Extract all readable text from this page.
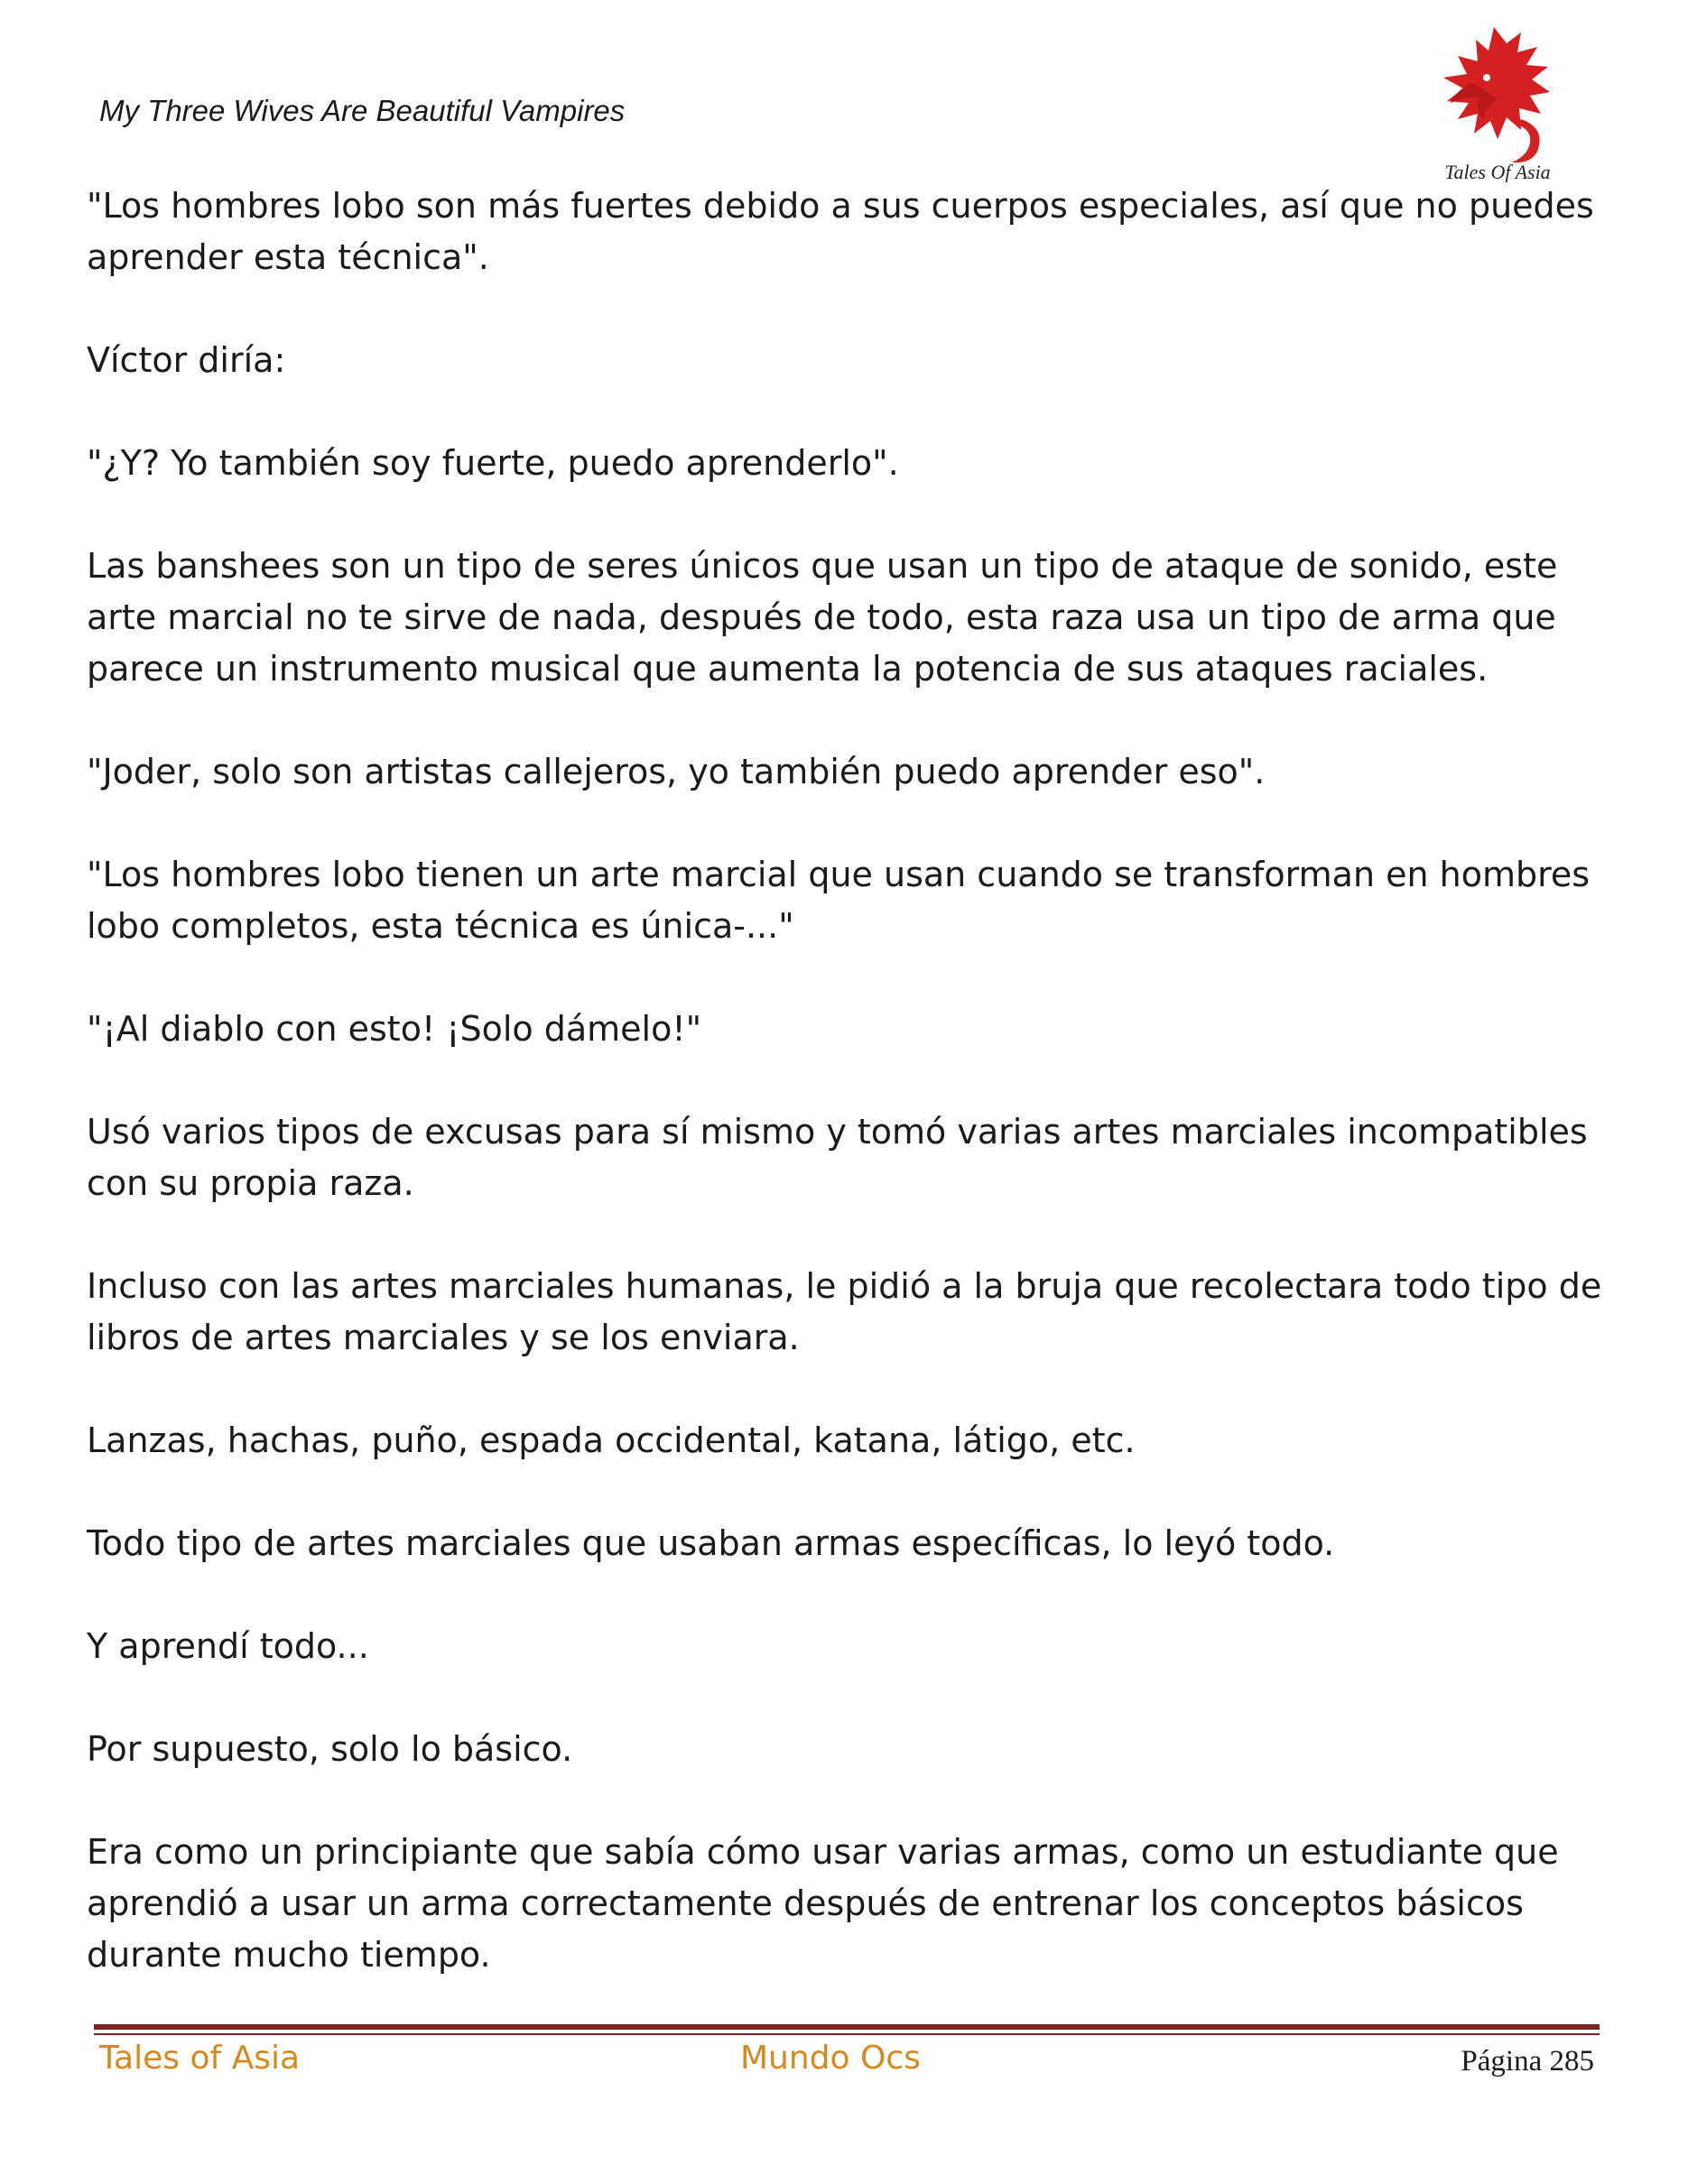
My Three Wives Are Beautiful Vampires
Tales Of Asia

"Los hombres lobo son más fuertes debido a sus cuerpos especiales, así que no puedes aprender esta técnica".

Víctor diría:

"¿Y? Yo también soy fuerte, puedo aprenderlo".

Las banshees son un tipo de seres únicos que usan un tipo de ataque de sonido, este arte marcial no te sirve de nada, después de todo, esta raza usa un tipo de arma que parece un instrumento musical que aumenta la potencia de sus ataques raciales.

"Joder, solo son artistas callejeros, yo también puedo aprender eso".

"Los hombres lobo tienen un arte marcial que usan cuando se transforman en hombres lobo completos, esta técnica es única-..."

"¡Al diablo con esto! ¡Solo dámelo!"

Usó varios tipos de excusas para sí mismo y tomó varias artes marciales incompatibles con su propia raza.

Incluso con las artes marciales humanas, le pidió a la bruja que recolectara todo tipo de libros de artes marciales y se los enviara.

Lanzas, hachas, puño, espada occidental, katana, látigo, etc.

Todo tipo de artes marciales que usaban armas específicas, lo leyó todo.

Y aprendí todo...

Por supuesto, solo lo básico.

Era como un principiante que sabía cómo usar varias armas, como un estudiante que aprendió a usar un arma correctamente después de entrenar los conceptos básicos durante mucho tiempo.

Tales of Asia	Mundo Ocs	Página 285
